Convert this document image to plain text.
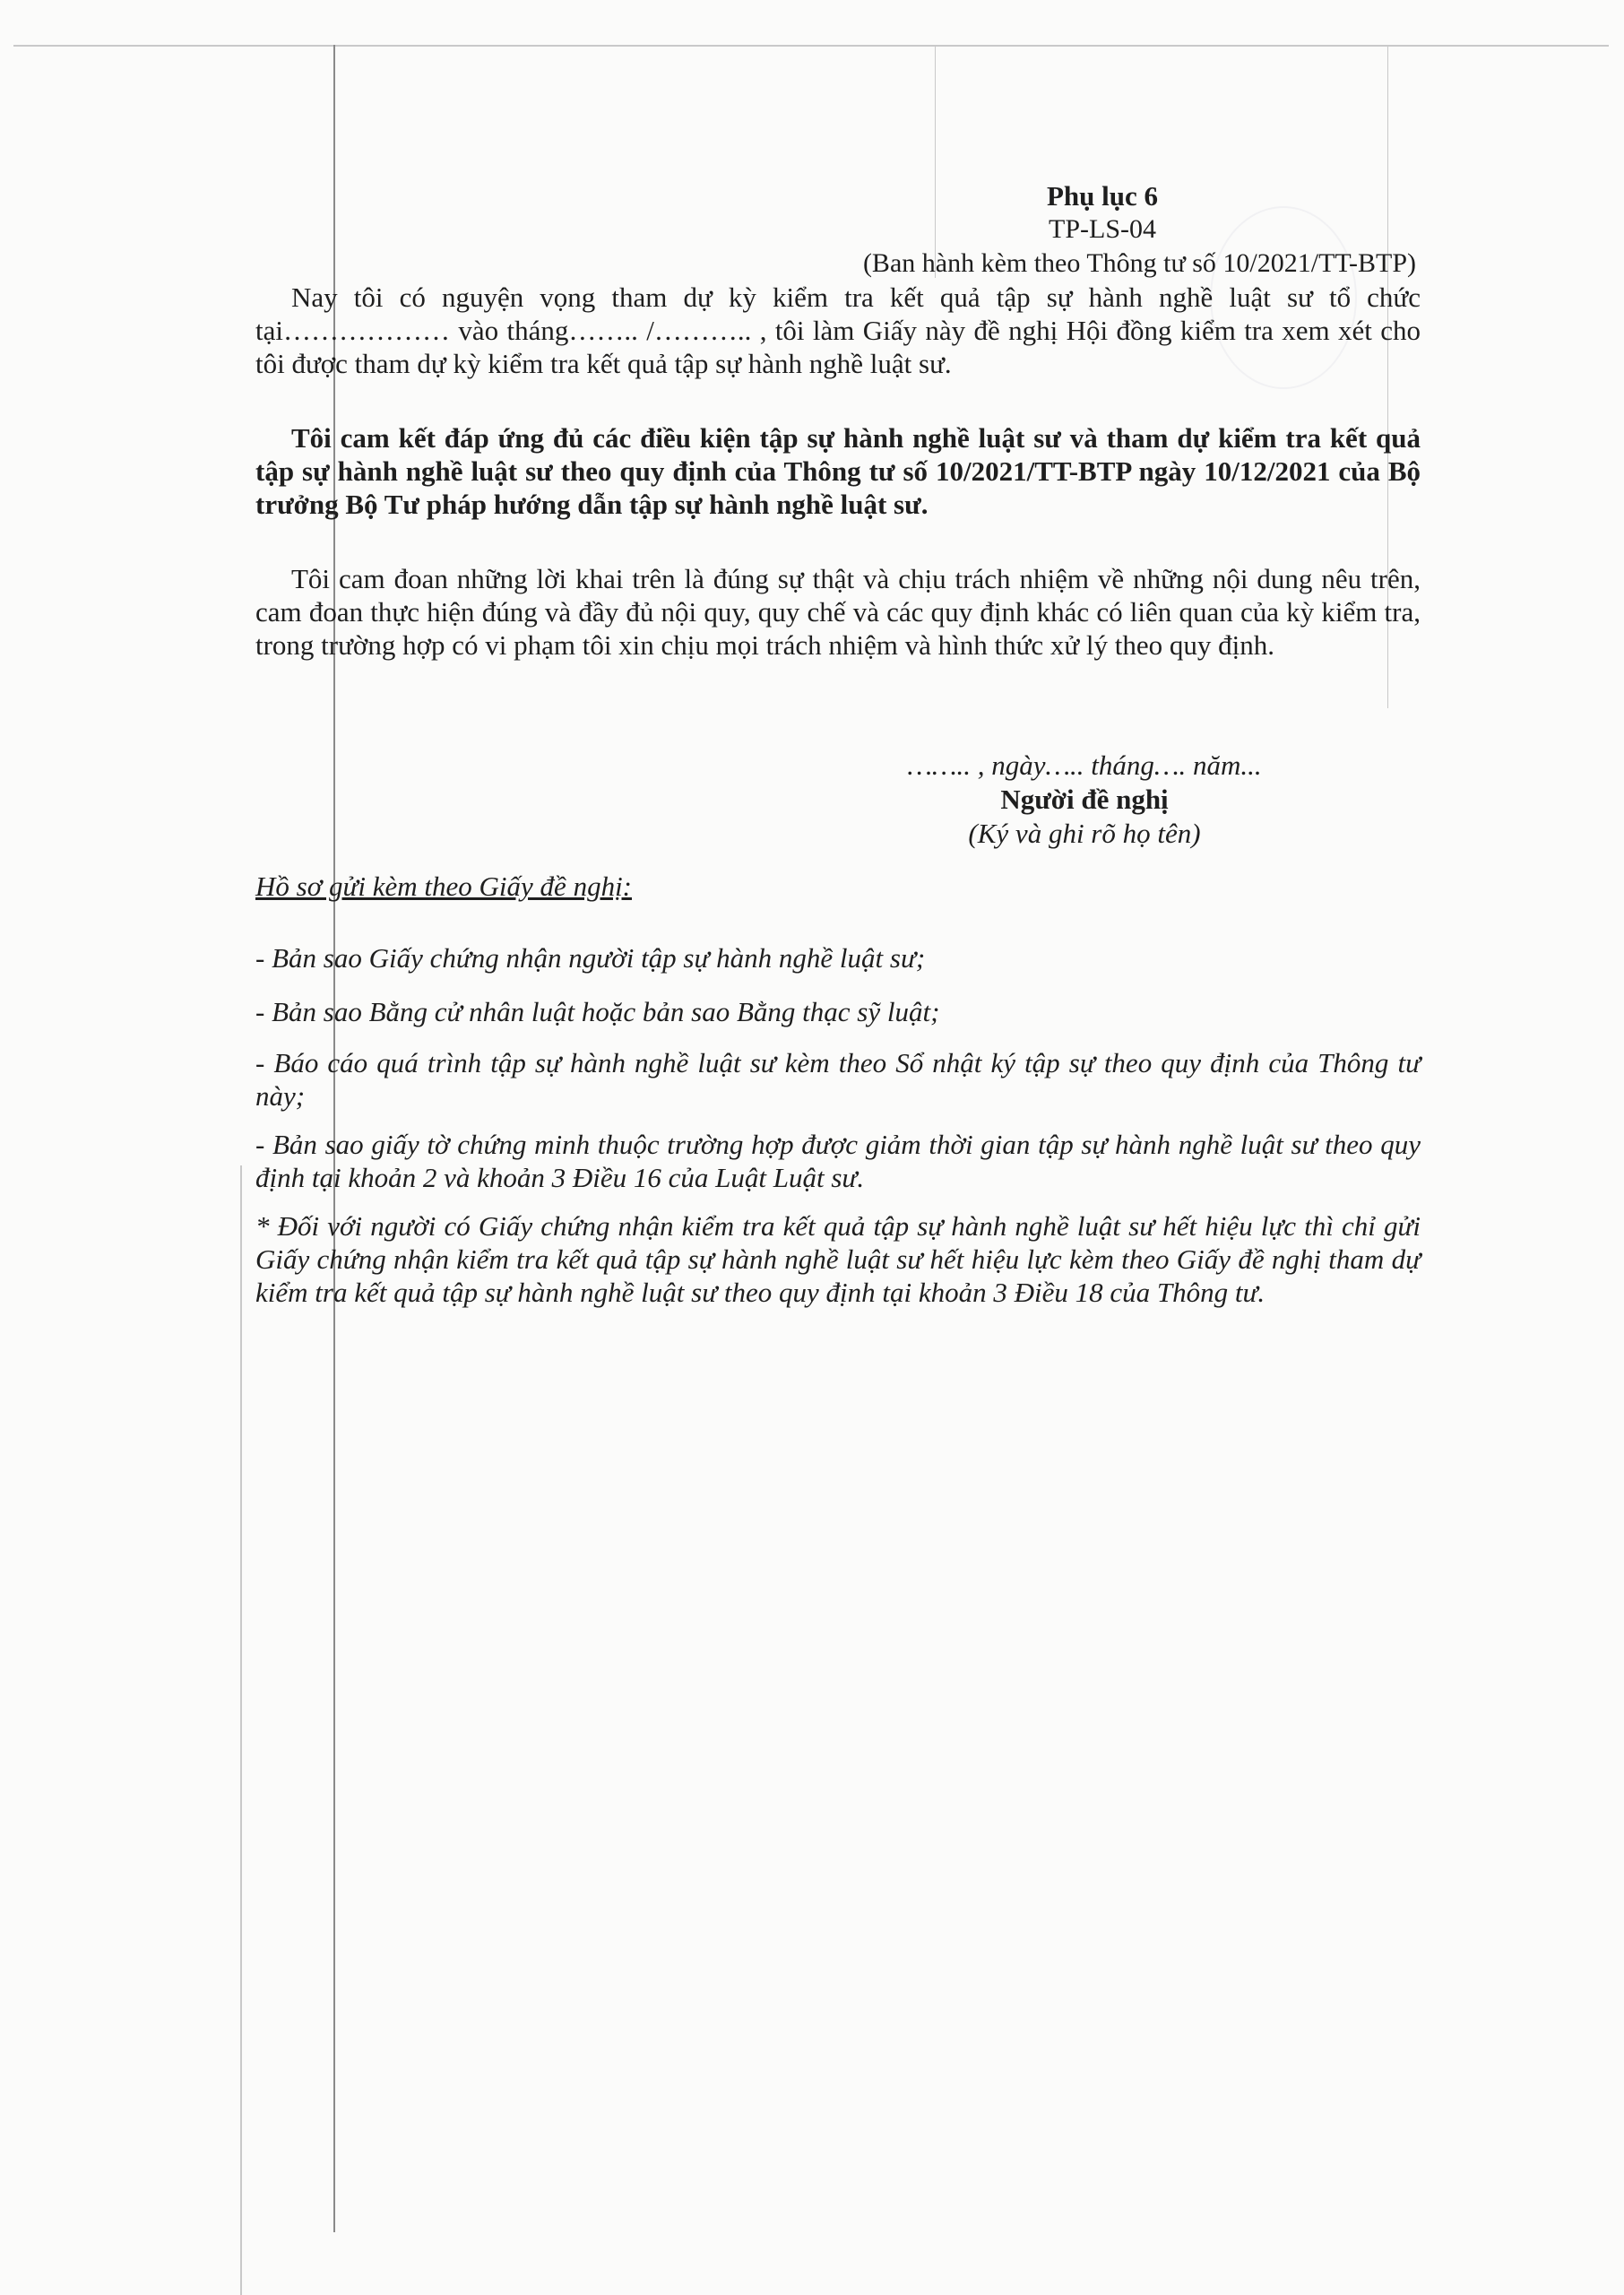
Phụ lục 6
TP-LS-04
(Ban hành kèm theo Thông tư số 10/2021/TT-BTP)
Nay tôi có nguyện vọng tham dự kỳ kiểm tra kết quả tập sự hành nghề luật sư tổ chức tại……………… vào tháng…….. /……….. , tôi làm Giấy này đề nghị Hội đồng kiểm tra xem xét cho tôi được tham dự kỳ kiểm tra kết quả tập sự hành nghề luật sư.
Tôi cam kết đáp ứng đủ các điều kiện tập sự hành nghề luật sư và tham dự kiểm tra kết quả tập sự hành nghề luật sư theo quy định của Thông tư số 10/2021/TT-BTP ngày 10/12/2021 của Bộ trưởng Bộ Tư pháp hướng dẫn tập sự hành nghề luật sư.
Tôi cam đoan những lời khai trên là đúng sự thật và chịu trách nhiệm về những nội dung nêu trên, cam đoan thực hiện đúng và đầy đủ nội quy, quy chế và các quy định khác có liên quan của kỳ kiểm tra, trong trường hợp có vi phạm tôi xin chịu mọi trách nhiệm và hình thức xử lý theo quy định.
…….. , ngày….. tháng…. năm...
Người đề nghị
(Ký và ghi rõ họ tên)
Hồ sơ gửi kèm theo Giấy đề nghị:
- Bản sao Giấy chứng nhận người tập sự hành nghề luật sư;
- Bản sao Bằng cử nhân luật hoặc bản sao Bằng thạc sỹ luật;
- Báo cáo quá trình tập sự hành nghề luật sư kèm theo Sổ nhật ký tập sự theo quy định của Thông tư này;
- Bản sao giấy tờ chứng minh thuộc trường hợp được giảm thời gian tập sự hành nghề luật sư theo quy định tại khoản 2 và khoản 3 Điều 16 của Luật Luật sư.
* Đối với người có Giấy chứng nhận kiểm tra kết quả tập sự hành nghề luật sư hết hiệu lực thì chỉ gửi Giấy chứng nhận kiểm tra kết quả tập sự hành nghề luật sư hết hiệu lực kèm theo Giấy đề nghị tham dự kiểm tra kết quả tập sự hành nghề luật sư theo quy định tại khoản 3 Điều 18 của Thông tư.
